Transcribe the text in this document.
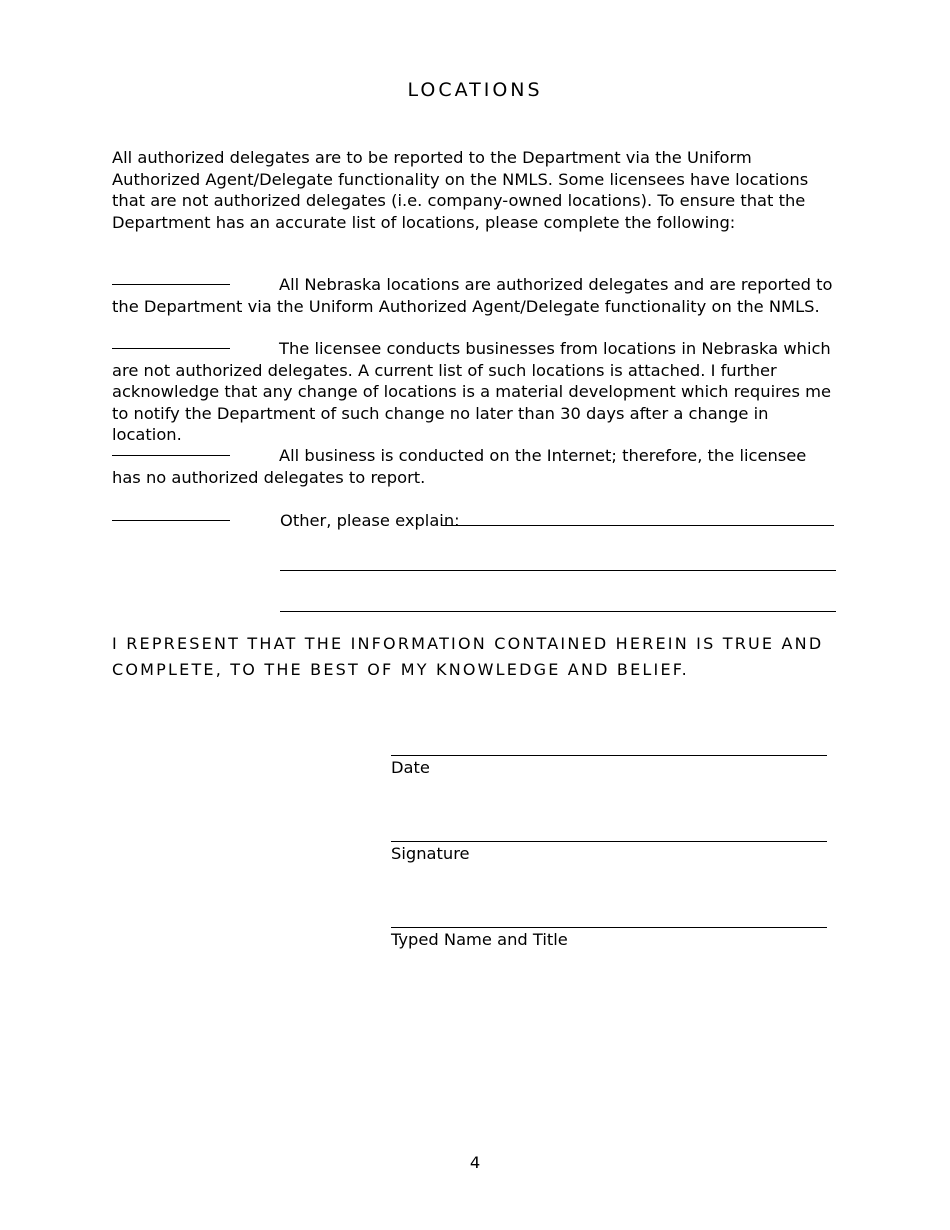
LOCATIONS

All authorized delegates are to be reported to the Department via the Uniform Authorized Agent/Delegate functionality on the NMLS. Some licensees have locations that are not authorized delegates (i.e. company-owned locations). To ensure that the Department has an accurate list of locations, please complete the following:

All Nebraska locations are authorized delegates and are reported to the Department via the Uniform Authorized Agent/Delegate functionality on the NMLS.

The licensee conducts businesses from locations in Nebraska which are not authorized delegates. A current list of such locations is attached. I further acknowledge that any change of locations is a material development which requires me to notify the Department of such change no later than 30 days after a change in location.

All business is conducted on the Internet; therefore, the licensee has no authorized delegates to report.

Other, please explain:
I REPRESENT THAT THE INFORMATION CONTAINED HEREIN IS TRUE AND COMPLETE, TO THE BEST OF MY KNOWLEDGE AND BELIEF.
Date
Signature
Typed Name and Title
4
